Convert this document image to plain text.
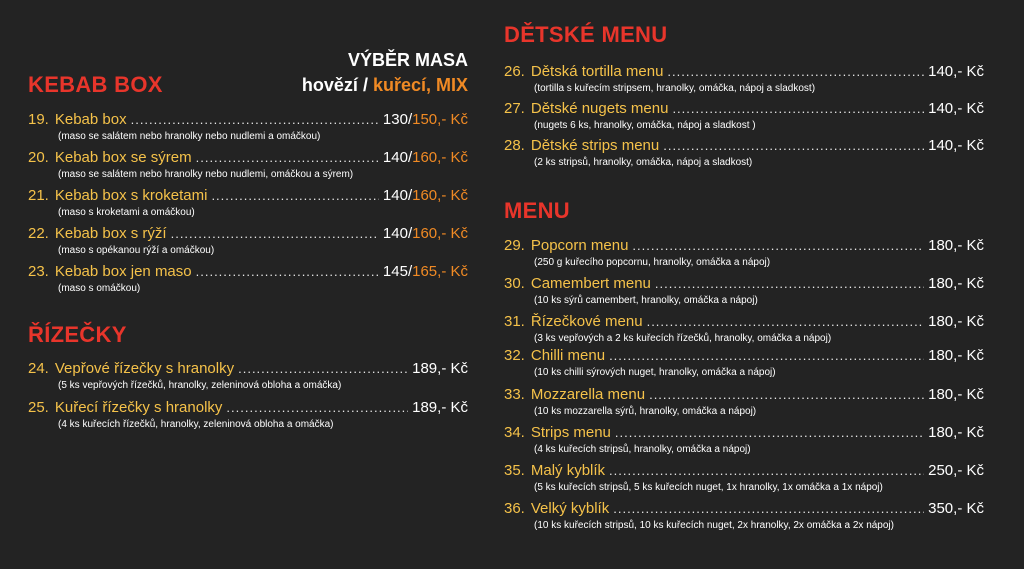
VÝBĚR MASA
hovězí / kuřecí, MIX
KEBAB BOX
19. Kebab box .....	130 / 150,- Kč
(maso se salátem nebo hranolky nebo nudlemi a omáčkou)
20. Kebab box se sýrem .....	140 / 160,- Kč
(maso se salátem nebo hranolky nebo nudlemi, omáčkou a sýrem)
21. Kebab box s kroketami .....	140 / 160,- Kč
(maso s kroketami a omáčkou)
22. Kebab box s rýží .....	140 / 160,- Kč
(maso s opékanou rýží a omáčkou)
23. Kebab box jen maso .....	145 / 165,- Kč
(maso s omáčkou)
ŘÍZEČKY
24. Vepřové řízečky s hranolky .....	189,- Kč
(5 ks vepřových řízečků, hranolky, zeleninová obloha a omáčka)
25. Kuřecí řízečky s hranolky .....	189,- Kč
(4 ks kuřecích řízečků, hranolky, zeleninová obloha a omáčka)
DĚTSKÉ MENU
26. Dětská tortilla menu .....	140,- Kč
(tortilla s kuřecím stripsem, hranolky, omáčka, nápoj a sladkost)
27. Dětské nugets menu .....	140,- Kč
(nugets 6 ks, hranolky, omáčka, nápoj a sladkost )
28. Dětské strips menu .....	140,- Kč
(2 ks stripsů, hranolky, omáčka, nápoj a sladkost)
MENU
29. Popcorn menu .....	180,- Kč
(250 g kuřecího popcornu, hranolky, omáčka a nápoj)
30. Camembert menu .....	180,- Kč
(10 ks sýrů camembert, hranolky, omáčka a nápoj)
31. Řízečkové menu .....	180,- Kč
(3 ks vepřových a 2 ks kuřecích řízečků, hranolky, omáčka a nápoj)
32. Chilli menu .....	180,- Kč
(10 ks chilli sýrových nuget, hranolky, omáčka a nápoj)
33. Mozzarella menu .....	180,- Kč
(10 ks mozzarella sýrů, hranolky, omáčka a nápoj)
34. Strips menu .....	180,- Kč
(4 ks kuřecích stripsů, hranolky, omáčka a nápoj)
35. Malý kyblík .....	250,- Kč
(5 ks kuřecích stripsů, 5 ks kuřecích nuget, 1x hranolky, 1x omáčka a 1x nápoj)
36. Velký kyblík .....	350,- Kč
(10 ks kuřecích stripsů, 10 ks kuřecích nuget, 2x hranolky, 2x omáčka a 2x nápoj)
